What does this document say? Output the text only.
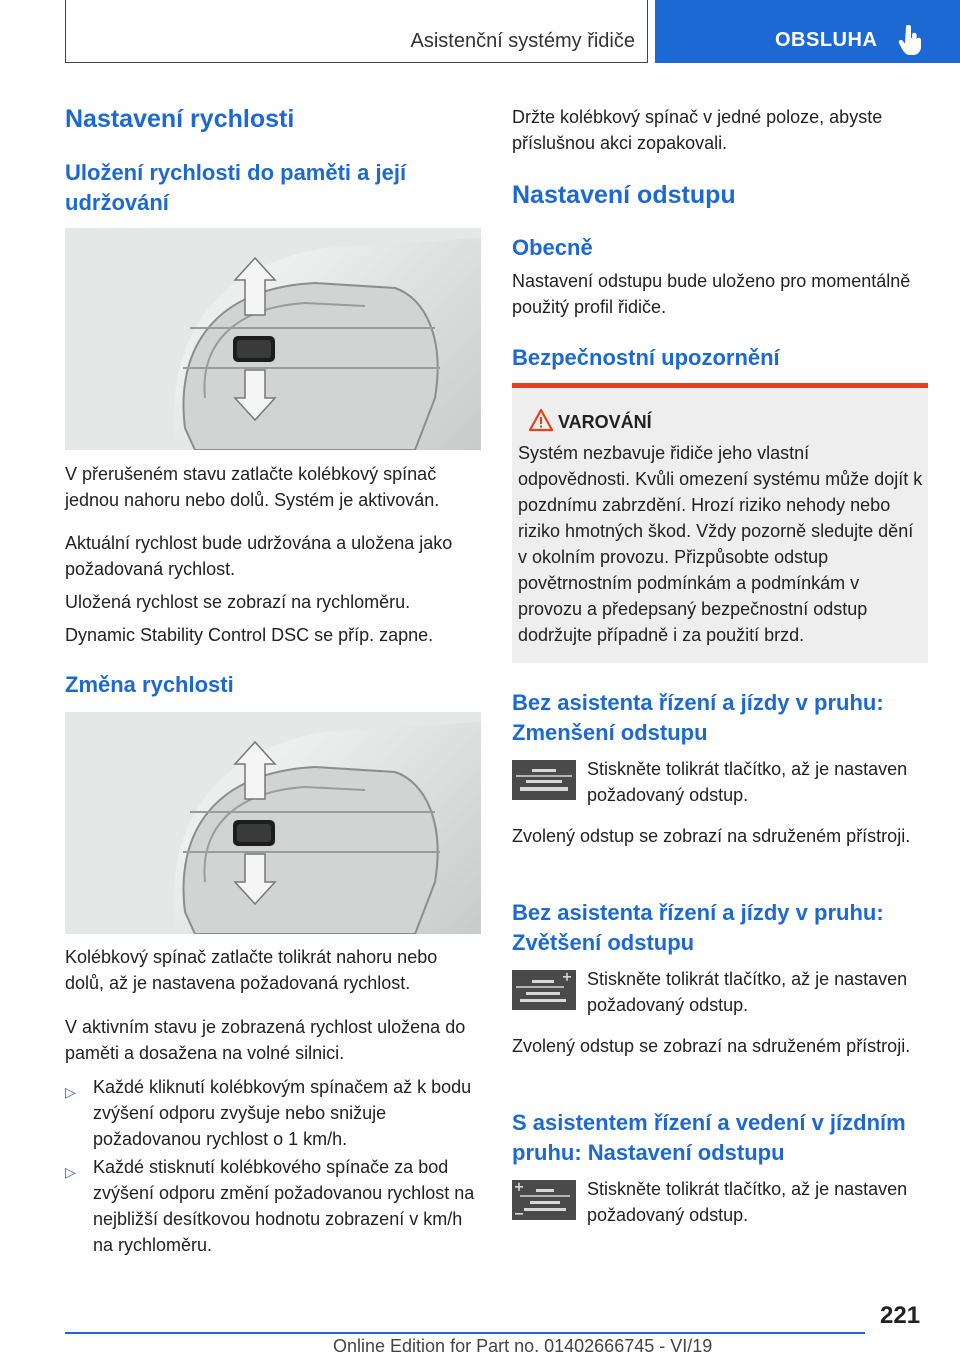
Asistenční systémy řidiče	OBSLUHA
Nastavení rychlosti
Uložení rychlosti do paměti a její udržování

V přerušeném stavu zatlačte kolébkový spínač jednou nahoru nebo dolů. Systém je aktivován.

Aktuální rychlost bude udržována a uložena jako požadovaná rychlost.

Uložená rychlost se zobrazí na rychloměru.

Dynamic Stability Control DSC se příp. zapne.

Změna rychlosti

Kolébkový spínač zatlačte tolikrát nahoru nebo dolů, až je nastavena požadovaná rychlost.

V aktivním stavu je zobrazená rychlost uložena do paměti a dosažena na volné silnici.

▷ Každé kliknutí kolébkovým spínačem až k bodu zvýšení odporu zvyšuje nebo snižuje požadovanou rychlost o 1 km/h.
▷ Každé stisknutí kolébkového spínače za bod zvýšení odporu změní požadovanou rychlost na nejbližší desítkovou hodnotu zobrazení v km/h na rychloměru.

Držte kolébkový spínač v jedné poloze, abyste příslušnou akci zopakovali.

Nastavení odstupu
Obecně

Nastavení odstupu bude uloženo pro momentálně použitý profil řidiče.

Bezpečnostní upozornění
VAROVÁNÍ

Systém nezbavuje řidiče jeho vlastní odpovědnosti. Kvůli omezení systému může dojít k pozdnímu zabrzdění. Hrozí riziko nehody nebo riziko hmotných škod. Vždy pozorně sledujte dění v okolním provozu. Přizpůsobte odstup povětrnostním podmínkám a podmínkám v provozu a předepsaný bezpečnostní odstup dodržujte případně i za použití brzd.

Bez asistenta řízení a jízdy v pruhu: Zmenšení odstupu

Stiskněte tolikrát tlačítko, až je nastaven požadovaný odstup.

Zvolený odstup se zobrazí na sdruženém přístroji.

Bez asistenta řízení a jízdy v pruhu: Zvětšení odstupu

Stiskněte tolikrát tlačítko, až je nastaven požadovaný odstup.

Zvolený odstup se zobrazí na sdruženém přístroji.

S asistentem řízení a vedení v jízdním pruhu: Nastavení odstupu

Stiskněte tolikrát tlačítko, až je nastaven požadovaný odstup.

221
Online Edition for Part no. 01402666745 - VI/19
